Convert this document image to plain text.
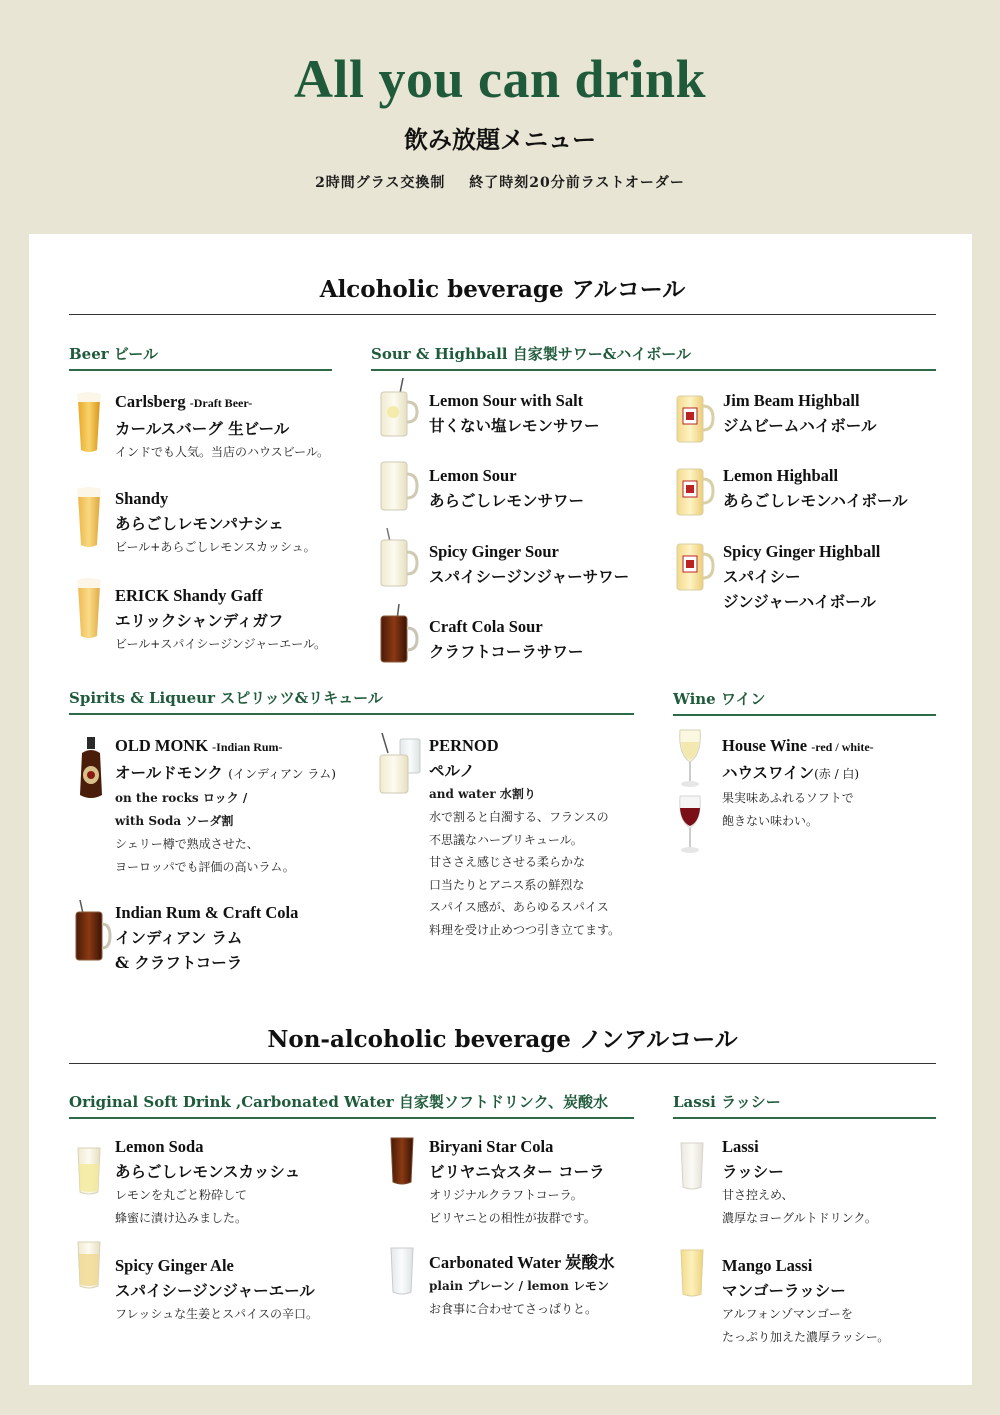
All you can drink
飲み放題メニュー
2時間グラス交換制 終了時刻20分前ラストオーダー
Alcoholic beverage アルコール
Beer ビール
Carlsberg -Draft Beer-
カールスバーグ 生ビール
インドでも人気。当店のハウスビール。
Shandy
あらごしレモンパナシェ
ビール+あらごしレモンスカッシュ。
ERICK Shandy Gaff
エリックシャンディガフ
ビール+スパイシージンジャーエール。
Sour & Highball 自家製サワー&ハイボール
Lemon Sour with Salt
甘くない塩レモンサワー
Lemon Sour
あらごしレモンサワー
Spicy Ginger Sour
スパイシージンジャーサワー
Craft Cola Sour
クラフトコーラサワー
Jim Beam Highball
ジムビームハイボール
Lemon Highball
あらごしレモンハイボール
Spicy Ginger Highball
スパイシー
ジンジャーハイボール
Spirits & Liqueur スピリッツ&リキュール
OLD MONK -Indian Rum-
オールドモンク (インディアン ラム)
on the rocks ロック /
with Soda ソーダ割
シェリー樽で熟成させた、
ヨーロッパでも評価の高いラム。
Indian Rum & Craft Cola
インディアン ラム
& クラフトコーラ
PERNOD
ペルノ
and water 水割り
水で割ると白濁する、フランスの
不思議なハーブリキュール。
甘ささえ感じさせる柔らかな
口当たりとアニス系の鮮烈な
スパイス感が、あらゆるスパイス
料理を受け止めつつ引き立てます。
Wine ワイン
House Wine -red / white-
ハウスワイン(赤 / 白)
果実味あふれるソフトで
飽きない味わい。
Non-alcoholic beverage ノンアルコール
Original Soft Drink ,Carbonated Water 自家製ソフトドリンク、炭酸水
Lemon Soda
あらごしレモンスカッシュ
レモンを丸ごと粉砕して
蜂蜜に漬け込みました。
Spicy Ginger Ale
スパイシージンジャーエール
フレッシュな生姜とスパイスの辛口。
Biryani Star Cola
ビリヤニ☆スター コーラ
オリジナルクラフトコーラ。
ビリヤニとの相性が抜群です。
Carbonated Water 炭酸水
plain プレーン / lemon レモン
お食事に合わせてさっぱりと。
Lassi ラッシー
Lassi
ラッシー
甘さ控えめ、
濃厚なヨーグルトドリンク。
Mango Lassi
マンゴーラッシー
アルフォンゾマンゴーを
たっぷり加えた濃厚ラッシー。
